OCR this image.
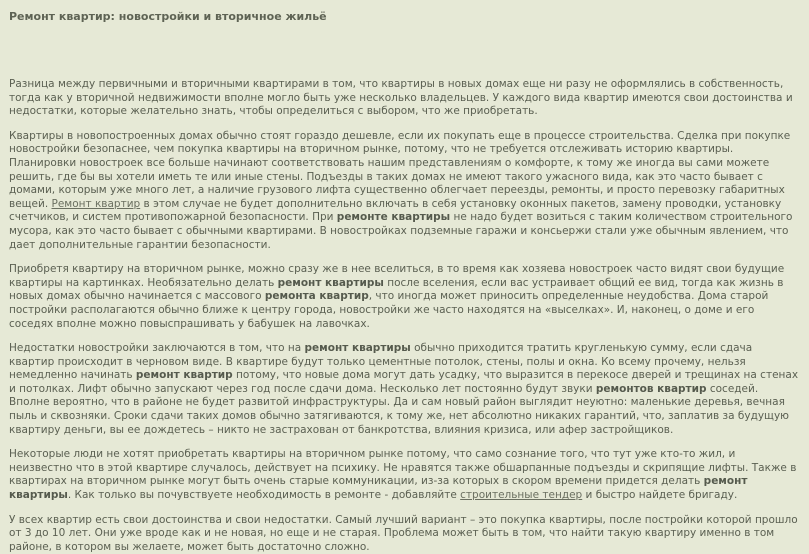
Ремонт квартир: новостройки и вторичное жильё

Разница между первичными и вторичными квартирами в том, что квартиры в новых домах еще ни разу не оформлялись в собственность, тогда как у вторичной недвижимости вполне могло быть уже несколько владельцев. У каждого вида квартир имеются свои достоинства и недостатки, которые желательно знать, чтобы определиться с выбором, что же приобретать.

Квартиры в новопостроенных домах обычно стоят гораздо дешевле, если их покупать еще в процессе строительства. Сделка при покупке новостройки безопаснее, чем покупка квартиры на вторичном рынке, потому, что не требуется отслеживать историю квартиры. Планировки новостроек все больше начинают соответствовать нашим представлениям о комфорте, к тому же иногда вы сами можете решить, где бы вы хотели иметь те или иные стены. Подъезды в таких домах не имеют такого ужасного вида, как это часто бывает с домами, которым уже много лет, а наличие грузового лифта существенно облегчает переезды, ремонты, и просто перевозку габаритных вещей. Ремонт квартир в этом случае не будет дополнительно включать в себя установку оконных пакетов, замену проводки, установку счетчиков, и систем противопожарной безопасности. При ремонте квартиры не надо будет возиться с таким количеством строительного мусора, как это часто бывает с обычными квартирами. В новостройках подземные гаражи и консьержи стали уже обычным явлением, что дает дополнительные гарантии безопасности.

Приобретя квартиру на вторичном рынке, можно сразу же в нее вселиться, в то время как хозяева новостроек часто видят свои будущие квартиры на картинках. Необязательно делать ремонт квартиры после вселения, если вас устраивает общий ее вид, тогда как жизнь в новых домах обычно начинается с массового ремонта квартир, что иногда может приносить определенные неудобства. Дома старой постройки располагаются обычно ближе к центру города, новостройки же часто находятся на «выселках». И, наконец, о доме и его соседях вполне можно повыспрашивать у бабушек на лавочках.

Недостатки новостройки заключаются в том, что на ремонт квартиры обычно приходится тратить кругленькую сумму, если сдача квартир происходит в черновом виде. В квартире будут только цементные потолок, стены, полы и окна. Ко всему прочему, нельзя немедленно начинать ремонт квартир потому, что новые дома могут дать усадку, что выразится в перекосе дверей и трещинах на стенах и потолках. Лифт обычно запускают через год после сдачи дома. Несколько лет постоянно будут звуки ремонтов квартир соседей. Вполне вероятно, что в районе не будет развитой инфраструктуры. Да и сам новый район выглядит неуютно: маленькие деревья, вечная пыль и сквозняки. Сроки сдачи таких домов обычно затягиваются, к тому же, нет абсолютно никаких гарантий, что, заплатив за будущую квартиру деньги, вы ее дождетесь – никто не застрахован от банкротства, влияния кризиса, или афер застройщиков.

Некоторые люди не хотят приобретать квартиры на вторичном рынке потому, что само сознание того, что тут уже кто-то жил, и неизвестно что в этой квартире случалось, действует на психику. Не нравятся также обшарпанные подъезды и скрипящие лифты. Также в квартирах на вторичном рынке могут быть очень старые коммуникации, из-за которых в скором времени придется делать ремонт квартиры. Как только вы почувствуете необходимость в ремонте - добавляйте строительные тендер и быстро найдете бригаду.

У всех квартир есть свои достоинства и свои недостатки. Самый лучший вариант – это покупка квартиры, после постройки которой прошло от 3 до 10 лет. Они уже вроде как и не новая, но еще и не старая. Проблема может быть в том, что найти такую квартиру именно в том районе, в котором вы желаете, может быть достаточно сложно.
